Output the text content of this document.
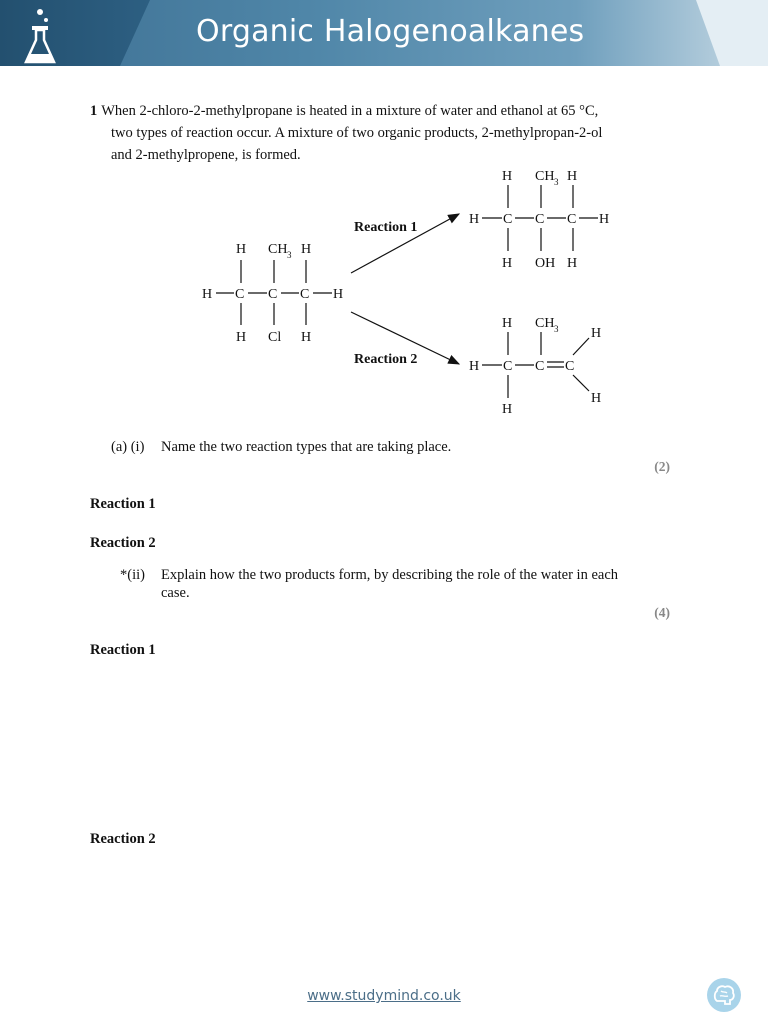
Organic Halogenoalkanes
1 When 2-chloro-2-methylpropane is heated in a mixture of water and ethanol at 65 °C,
two types of reaction occur. A mixture of two organic products, 2-methylpropan-2-ol
and 2-methylpropene, is formed.
H C C C H
H CH 3 H
H Cl H
Reaction 1
Reaction 2
H C C C H
H CH 3 H
H OH H
H C C C
H CH 3
H
H
H
(a) (i) Name the two reaction types that are taking place.
(2)
Reaction 1
Reaction 2
*(ii) Explain how the two products form, by describing the role of the water in each case.
(4)
Reaction 1
Reaction 2
www.studymind.co.uk
